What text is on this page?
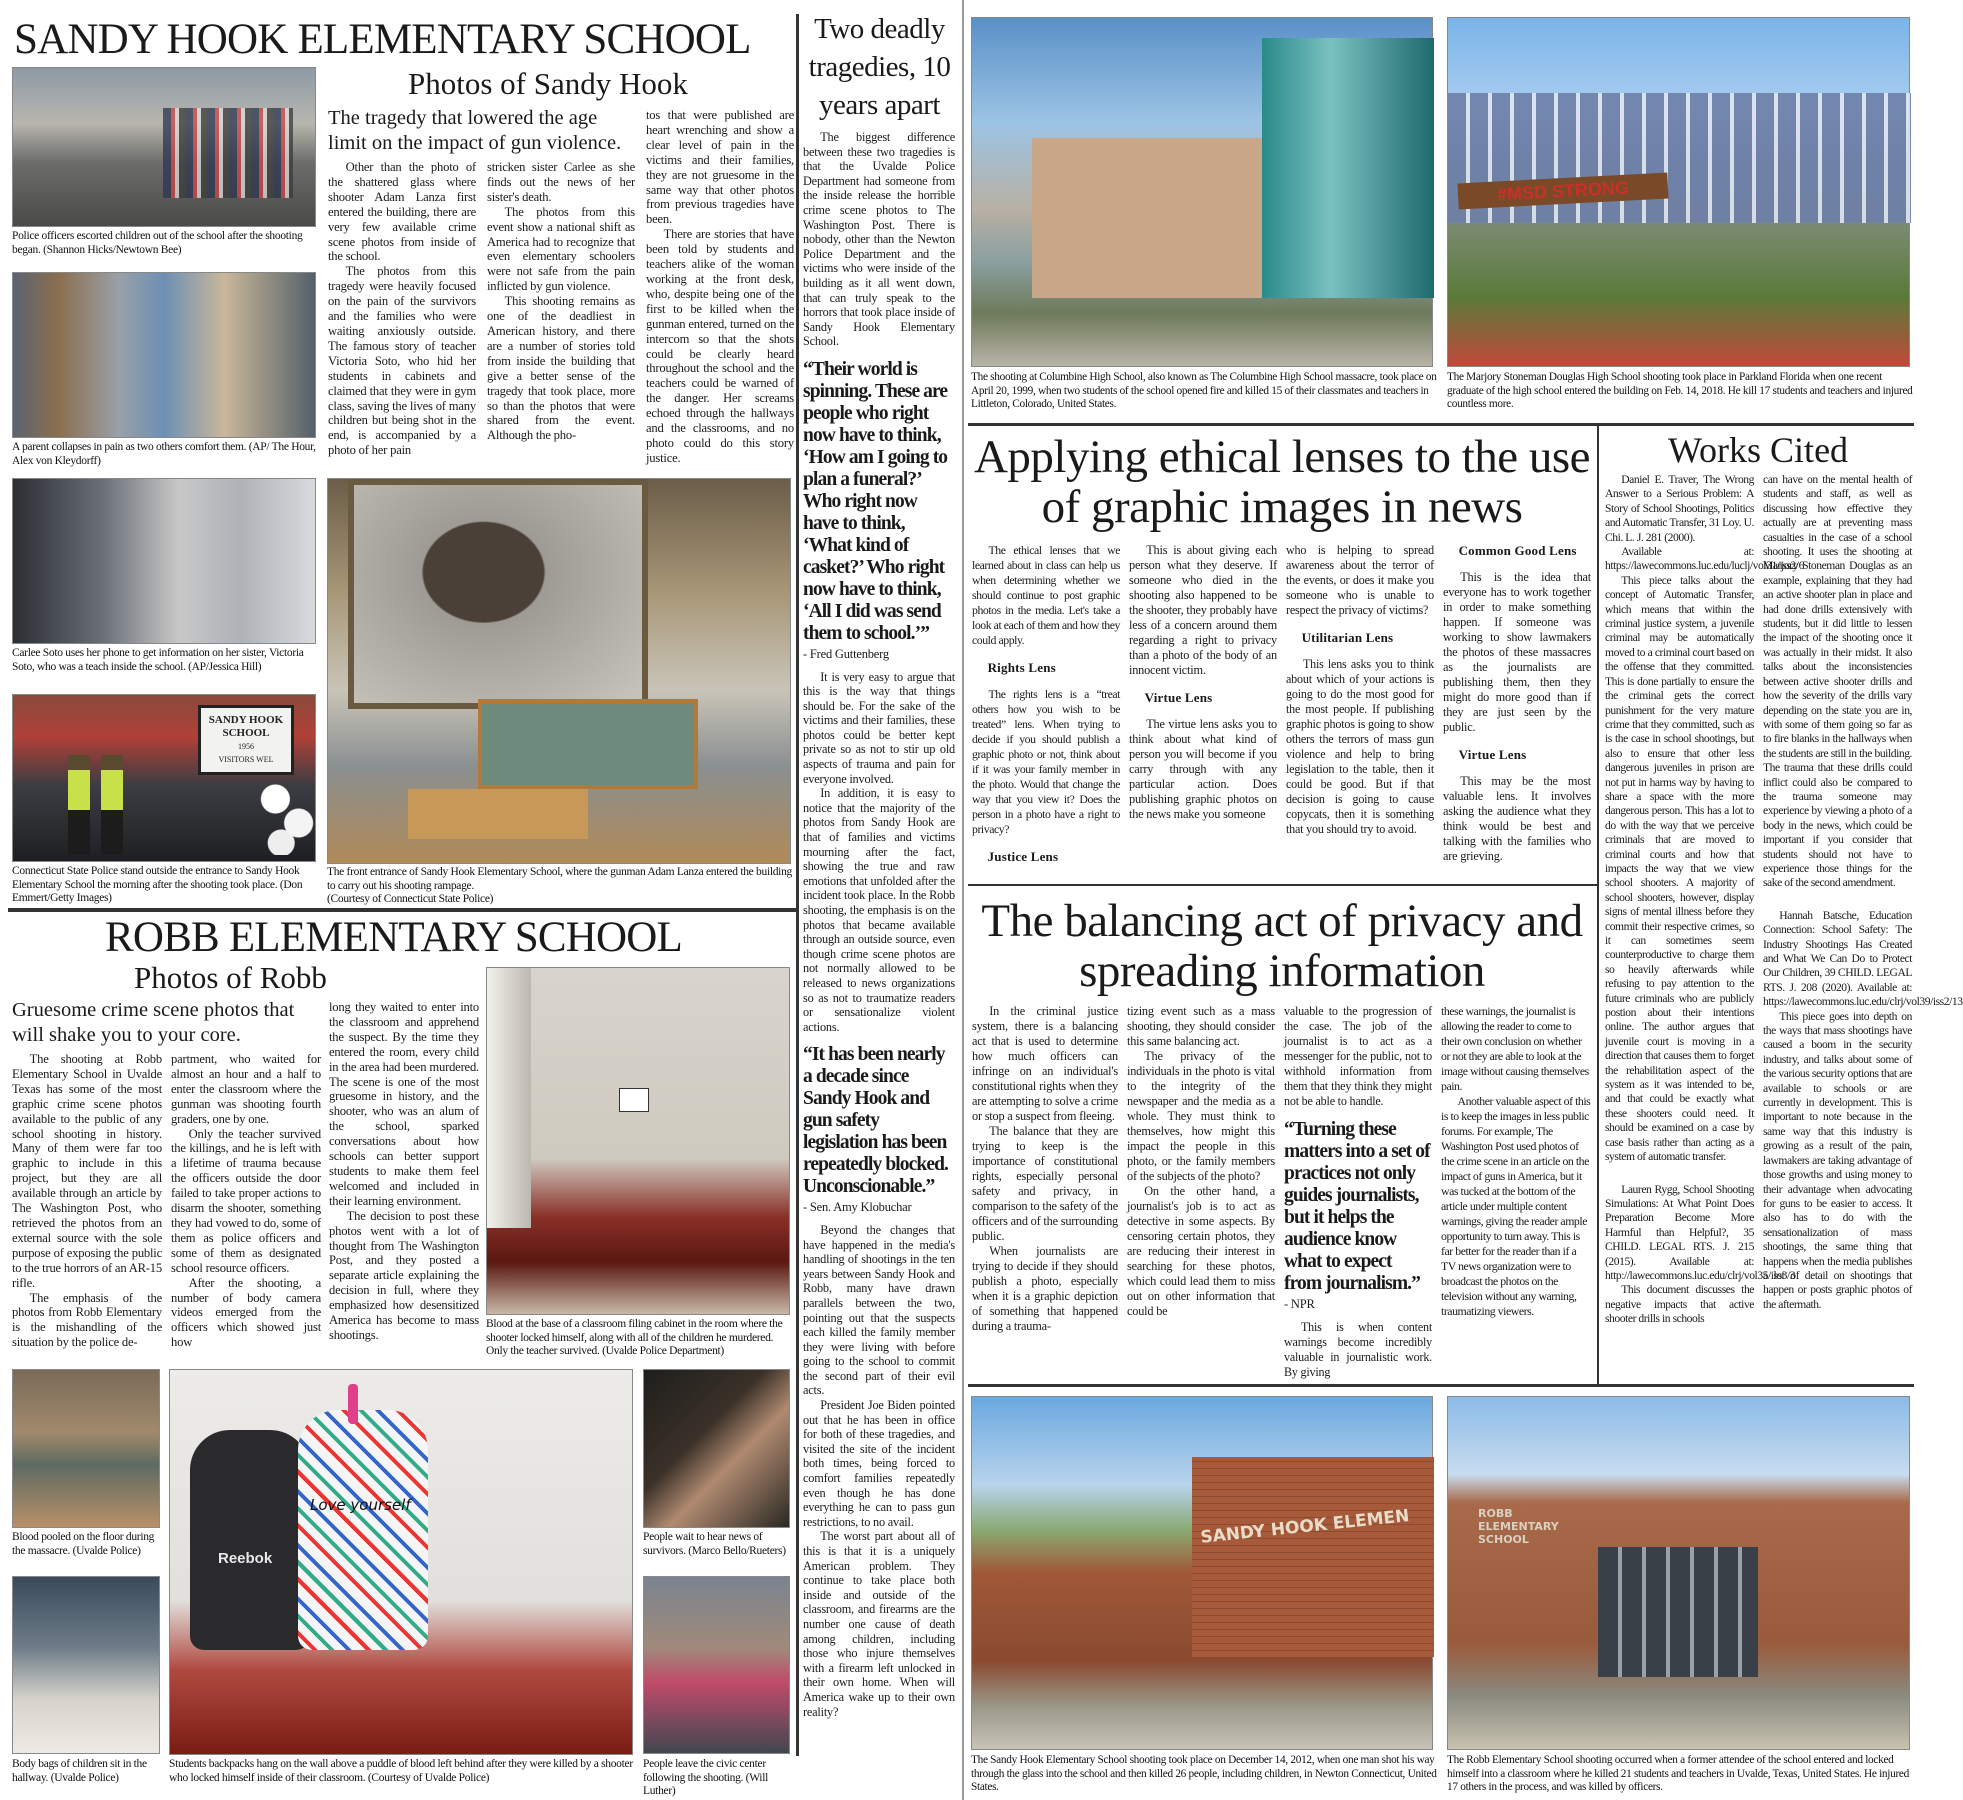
SANDY HOOK ELEMENTARY SCHOOL
Photos of Sandy Hook
Police officers escorted children out of the school after the shooting began. (Shannon Hicks/Newtown Bee)
A parent collapses in pain as two others comfort them. (AP/ The Hour, Alex von Kleydorff)
Carlee Soto uses her phone to get information on her sister, Victoria Soto, who was a teach inside the school. (AP/Jessica Hill)
SANDY HOOK
SCHOOL
1956
VISITORS WEL
Connecticut State Police stand outside the entrance to Sandy Hook Elementary School the morning after the shooting took place. (Don Emmert/Getty Images)
The tragedy that lowered the age limit on the impact of gun violence.

Other than the photo of the shattered glass where shooter Adam Lanza first entered the building, there are very few available crime scene photos from inside of the school.

The photos from this tragedy were heavily focused on the pain of the survivors and the families who were waiting anxiously outside. The famous story of teacher Victoria Soto, who hid her students in cabinets and claimed that they were in gym class, saving the lives of many children but being shot in the end, is accompanied by a photo of her pain

stricken sister Carlee as she finds out the news of her sister's death.

The photos from this event show a national shift as America had to recognize that even elementary schoolers were not safe from the pain inflicted by gun violence.

This shooting remains as one of the deadliest in American history, and there are a number of stories told from inside the building that give a better sense of the tragedy that took place, more so than the photos that were shared from the event. Although the pho-

tos that were published are heart wrenching and show a clear level of pain in the victims and their families, they are not gruesome in the same way that other photos from previous tragedies have been.

There are stories that have been told by students and teachers alike of the woman working at the front desk, who, despite being one of the first to be killed when the gunman entered, turned on the intercom so that the shots could be clearly heard throughout the school and the teachers could be warned of the danger. Her screams echoed through the hallways and the classrooms, and no photo could do this story justice.

The front entrance of Sandy Hook Elementary School, where the gunman Adam Lanza entered the building to carry out his shooting rampage.
(Courtesy of Connecticut State Police)
ROBB ELEMENTARY SCHOOL
Photos of Robb
Gruesome crime scene photos that will shake you to your core.

The shooting at Robb Elementary School in Uvalde Texas has some of the most graphic crime scene photos available to the public of any school shooting in history. Many of them were far too graphic to include in this project, but they are all available through an article by The Washington Post, who retrieved the photos from an external source with the sole purpose of exposing the public to the true horrors of an AR-15 rifle.

The emphasis of the photos from Robb Elementary is the mishandling of the situation by the police de-

partment, who waited for almost an hour and a half to enter the classroom where the gunman was shooting fourth graders, one by one.

Only the teacher survived the killings, and he is left with a lifetime of trauma because the officers outside the door failed to take proper actions to disarm the shooter, something they had vowed to do, some of them as police officers and some of them as designated school resource officers.

After the shooting, a number of body camera videos emerged from the officers which showed just how

long they waited to enter into the classroom and apprehend the suspect. By the time they entered the room, every child in the area had been murdered. The scene is one of the most gruesome in history, and the shooter, who was an alum of the school, sparked conversations about how schools can better support students to make them feel welcomed and included in their learning environment.

The decision to post these photos went with a lot of thought from The Washington Post, and they posted a separate article explaining the decision in full, where they emphasized how desensitized America has become to mass shootings.

Blood at the base of a classroom filing cabinet in the room where the shooter locked himself, along with all of the children he murdered. Only the teacher survived. (Uvalde Police Department)
Blood pooled on the floor during the massacre. (Uvalde Police)
Body bags of children sit in the hallway. (Uvalde Police)
Reebok
Love yourself
Students backpacks hang on the wall above a puddle of blood left behind after they were killed by a shooter who locked himself inside of their classroom. (Courtesy of Uvalde Police)
People wait to hear news of survivors. (Marco Bello/Rueters)
People leave the civic center following the shooting. (Will Luther)
Two deadly tragedies, 10 years apart

The biggest difference between these two tragedies is that the Uvalde Police Department had someone from the inside release the horrible crime scene photos to The Washington Post. There is nobody, other than the Newton Police Department and the victims who were inside of the building as it all went down, that can truly speak to the horrors that took place inside of Sandy Hook Elementary School.

“Their world is spinning. These are people who right now have to think, ‘How am I going to plan a funeral?’ Who right now have to think, ‘What kind of casket?’ Who right now have to think, ‘All I did was send them to school.’”
- Fred Guttenberg

It is very easy to argue that this is the way that things should be. For the sake of the victims and their families, these photos could be better kept private so as not to stir up old aspects of trauma and pain for everyone involved.

In addition, it is easy to notice that the majority of the photos from Sandy Hook are that of families and victims mourning after the fact, showing the true and raw emotions that unfolded after the incident took place. In the Robb shooting, the emphasis is on the photos that became available through an outside source, even though crime scene photos are not normally allowed to be released to news organizations so as not to traumatize readers or sensationalize violent actions.

“It has been nearly a decade since Sandy Hook and gun safety legislation has been repeatedly blocked. Unconscionable.”
- Sen. Amy Klobuchar

Beyond the changes that have happened in the media's handling of shootings in the ten years between Sandy Hook and Robb, many have drawn parallels between the two, pointing out that the suspects each killed the family member they were living with before going to the school to commit the second part of their evil acts.

President Joe Biden pointed out that he has been in office for both of these tragedies, and visited the site of the incident both times, being forced to comfort families repeatedly even though he has done everything he can to pass gun restrictions, to no avail.

The worst part about all of this is that it is a uniquely American problem. They continue to take place both inside and outside of the classroom, and firearms are the number one cause of death among children, including those who injure themselves with a firearm left unlocked in their own home. When will America wake up to their own reality?

The shooting at Columbine High School, also known as The Columbine High School massacre, took place on April 20, 1999, when two students of the school opened fire and killed 15 of their classmates and teachers in Littleton, Colorado, United States.
#MSD STRONG
The Marjory Stoneman Douglas High School shooting took place in Parkland Florida when one recent graduate of the high school entered the building on Feb. 14, 2018. He kill 17 students and teachers and injured countless more.
Applying ethical lenses to the use of graphic images in news

The ethical lenses that we learned about in class can help us when determining whether we should continue to post graphic photos in the media. Let's take a look at each of them and how they could apply.

Rights Lens

The rights lens is a “treat others how you wish to be treated” lens. When trying to decide if you should publish a graphic photo or not, think about if it was your family member in the photo. Would that change the way that you view it? Does the person in a photo have a right to privacy?

Justice Lens

This is about giving each person what they deserve. If someone who died in the shooting also happened to be the shooter, they probably have less of a concern around them regarding a right to privacy than a photo of the body of an innocent victim.

Virtue Lens

The virtue lens asks you to think about what kind of person you will become if you carry through with any particular action. Does publishing graphic photos on the news make you someone

who is helping to spread awareness about the terror of the events, or does it make you someone who is unable to respect the privacy of victims?

Utilitarian Lens

This lens asks you to think about which of your actions is going to do the most good for the most people. If publishing graphic photos is going to show others the terrors of mass gun violence and help to bring legislation to the table, then it could be good. But if that decision is going to cause copycats, then it is something that you should try to avoid.

Common Good Lens

This is the idea that everyone has to work together in order to make something happen. If someone was working to show lawmakers the photos of these massacres as the journalists are publishing them, then they might do more good than if they are just seen by the public.

Virtue Lens

This may be the most valuable lens. It involves asking the audience what they think would be best and talking with the families who are grieving.

The balancing act of privacy and spreading information

In the criminal justice system, there is a balancing act that is used to determine how much officers can infringe on an individual's constitutional rights when they are attempting to solve a crime or stop a suspect from fleeing.

The balance that they are trying to keep is the importance of constitutional rights, especially personal safety and privacy, in comparison to the safety of the officers and of the surrounding public.

When journalists are trying to decide if they should publish a photo, especially when it is a graphic depiction of something that happened during a trauma-

tizing event such as a mass shooting, they should consider this same balancing act.

The privacy of the individuals in the photo is vital to the integrity of the newspaper and the media as a whole. They must think to themselves, how might this impact the people in this photo, or the family members of the subjects of the photo?

On the other hand, a journalist's job is to act as detective in some aspects. By censoring certain photos, they are reducing their interest in searching for these photos, which could lead them to miss out on other information that could be

valuable to the progression of the case. The job of the journalist is to act as a messenger for the public, not to withhold information from them that they think they might not be able to handle.

“Turning these matters into a set of practices not only guides journalists, but it helps the audience know what to expect from journalism.”
- NPR

This is when content warnings become incredibly valuable in journalistic work. By giving

these warnings, the journalist is allowing the reader to come to their own conclusion on whether or not they are able to look at the image without causing themselves pain.

Another valuable aspect of this is to keep the images in less public forums. For example, The Washington Post used photos of the crime scene in an article on the impact of guns in America, but it was tucked at the bottom of the article under multiple content warnings, giving the reader ample opportunity to turn away. This is far better for the reader than if a TV news organization were to broadcast the photos on the television without any warning, traumatizing viewers.

Works Cited

Daniel E. Traver, The Wrong Answer to a Serious Problem: A Story of School Shootings, Politics and Automatic Transfer, 31 Loy. U. Chi. L. J. 281 (2000).

Available at: https://lawecommons.luc.edu/luclj/vol31/iss2/6

This piece talks about the concept of Automatic Transfer, which means that within the criminal justice system, a juvenile criminal may be automatically moved to a criminal court based on the offense that they committed. This is done partially to ensure the the criminal gets the correct punishment for the very mature crime that they committed, such as is the case in school shootings, but also to ensure that other less dangerous juveniles in prison are not put in harms way by having to share a space with the more dangerous person. This has a lot to do with the way that we perceive criminals that are moved to criminal courts and how that impacts the way that we view school shooters. A majority of school shooters, however, display signs of mental illness before they commit their respective crimes, so it can sometimes seem counterproductive to charge them so heavily afterwards while refusing to pay attention to the future criminals who are publicly postion about their intentions online. The author argues that juvenile court is moving in a direction that causes them to forget the rehabilitation aspect of the system as it was intended to be, and that could be exactly what these shooters could need. It should be examined on a case by case basis rather than acting as a system of automatic transfer.

Lauren Rygg, School Shooting Simulations: At What Point Does Preparation Become More Harmful than Helpful?, 35 CHILD. LEGAL RTS. J. 215 (2015). Available at: http://lawecommons.luc.edu/clrj/vol35/iss3/3

This document discusses the negative impacts that active shooter drills in schools

can have on the mental health of students and staff, as well as discussing how effective they actually are at preventing mass casualties in the case of a school shooting. It uses the shooting at Marjory Stoneman Douglas as an example, explaining that they had an active shooter plan in place and had done drills extensively with students, but it did little to lessen the impact of the shooting once it was actually in their midst. It also talks about the inconsistencies between active shooter drills and how the severity of the drills vary depending on the state you are in, with some of them going so far as to fire blanks in the hallways when the students are still in the building. The trauma that these drills could inflict could also be compared to the trauma someone may experience by viewing a photo of a body in the news, which could be important if you consider that students should not have to experience those things for the sake of the second amendment.

Hannah Batsche, Education Connection: School Safety: The Industry Shootings Has Created and What We Can Do to Protect Our Children, 39 CHILD. LEGAL RTS. J. 208 (2020). Available at: https://lawecommons.luc.edu/clrj/vol39/iss2/13

This piece goes into depth on the ways that mass shootings have caused a boom in the security industry, and talks about some of the various security options that are available to schools or are currently in development. This is important to note because in the same way that this industry is growing as a result of the pain, lawmakers are taking advantage of those growths and using money to their advantage when advocating for guns to be easier to access. It also has to do with the sensationalization of mass shootings, the same thing that happens when the media publishes a lot of detail on shootings that happen or posts graphic photos of the aftermath.

SANDY HOOK ELEMEN
The Sandy Hook Elementary School shooting took place on December 14, 2012, when one man shot his way through the glass into the school and then killed 26 people, including children, in Newton Connecticut, United States.
ROBB ELEMENTARY SCHOOL
The Robb Elementary School shooting occurred when a former attendee of the school entered and locked himself into a classroom where he killed 21 students and teachers in Uvalde, Texas, United States. He injured 17 others in the process, and was killed by officers.
